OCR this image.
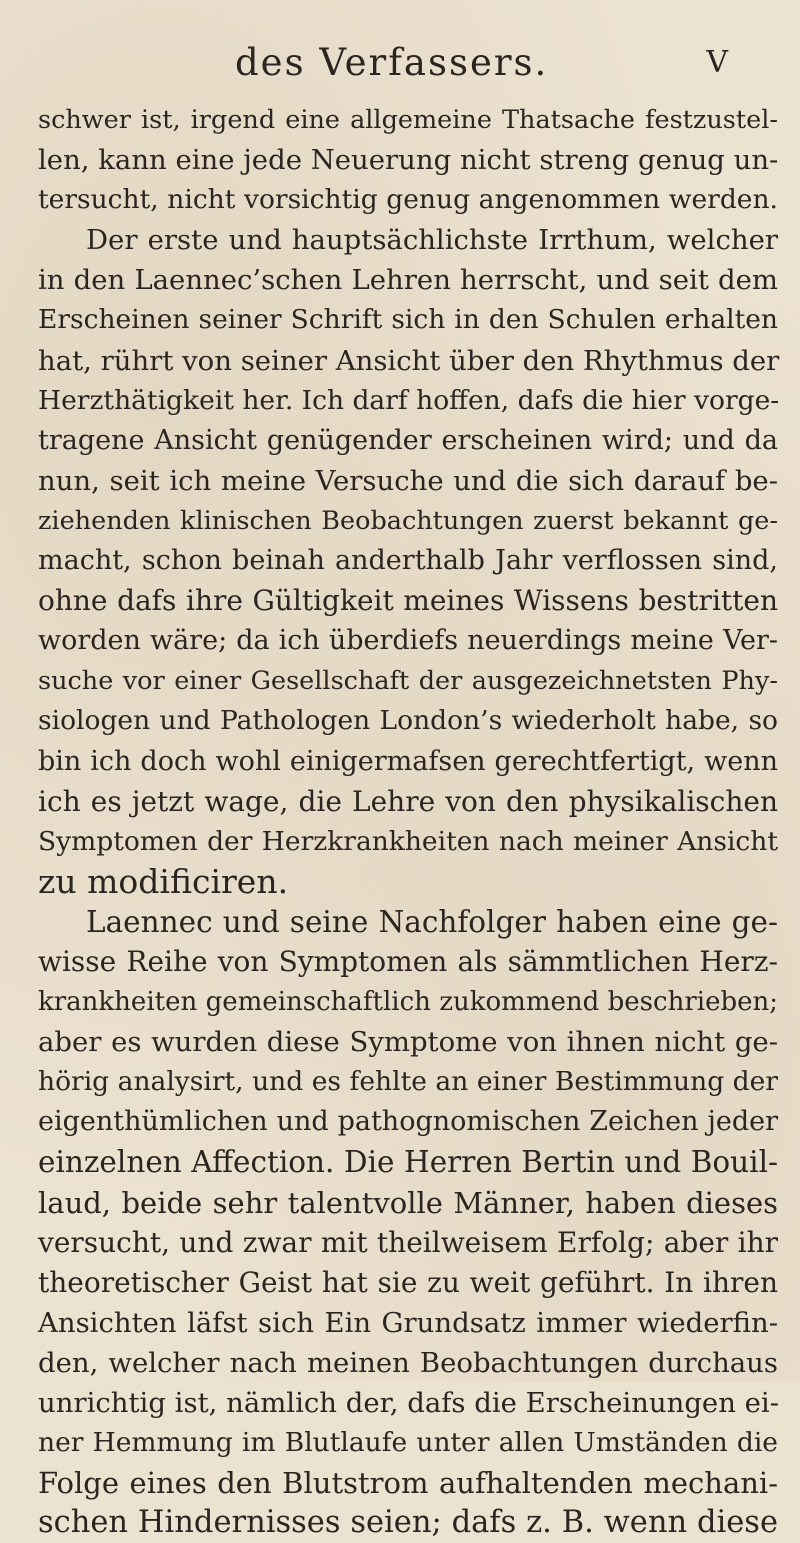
des Verfassers.	V
schwer ist, irgend eine allgemeine Thatsache festzustel-
len, kann eine jede Neuerung nicht streng genug un-
tersucht, nicht vorsichtig genug angenommen werden.
Der erste und hauptsächlichste Irrthum, welcher
in den Laennec’schen Lehren herrscht, und seit dem
Erscheinen seiner Schrift sich in den Schulen erhalten
hat, rührt von seiner Ansicht über den Rhythmus der
Herzthätigkeit her. Ich darf hoffen, dafs die hier vorge-
tragene Ansicht genügender erscheinen wird; und da
nun, seit ich meine Versuche und die sich darauf be-
ziehenden klinischen Beobachtungen zuerst bekannt ge-
macht, schon beinah anderthalb Jahr verflossen sind,
ohne dafs ihre Gültigkeit meines Wissens bestritten
worden wäre; da ich überdiefs neuerdings meine Ver-
suche vor einer Gesellschaft der ausgezeichnetsten Phy-
siologen und Pathologen London’s wiederholt habe, so
bin ich doch wohl einigermafsen gerechtfertigt, wenn
ich es jetzt wage, die Lehre von den physikalischen
Symptomen der Herzkrankheiten nach meiner Ansicht
zu modificiren.
Laennec und seine Nachfolger haben eine ge-
wisse Reihe von Symptomen als sämmtlichen Herz-
krankheiten gemeinschaftlich zukommend beschrieben;
aber es wurden diese Symptome von ihnen nicht ge-
hörig analysirt, und es fehlte an einer Bestimmung der
eigenthümlichen und pathognomischen Zeichen jeder
einzelnen Affection. Die Herren Bertin und Bouil-
laud, beide sehr talentvolle Männer, haben dieses
versucht, und zwar mit theilweisem Erfolg; aber ihr
theoretischer Geist hat sie zu weit geführt. In ihren
Ansichten läfst sich Ein Grundsatz immer wiederfin-
den, welcher nach meinen Beobachtungen durchaus
unrichtig ist, nämlich der, dafs die Erscheinungen ei-
ner Hemmung im Blutlaufe unter allen Umständen die
Folge eines den Blutstrom aufhaltenden mechani-
schen Hindernisses seien; dafs z. B. wenn diese
